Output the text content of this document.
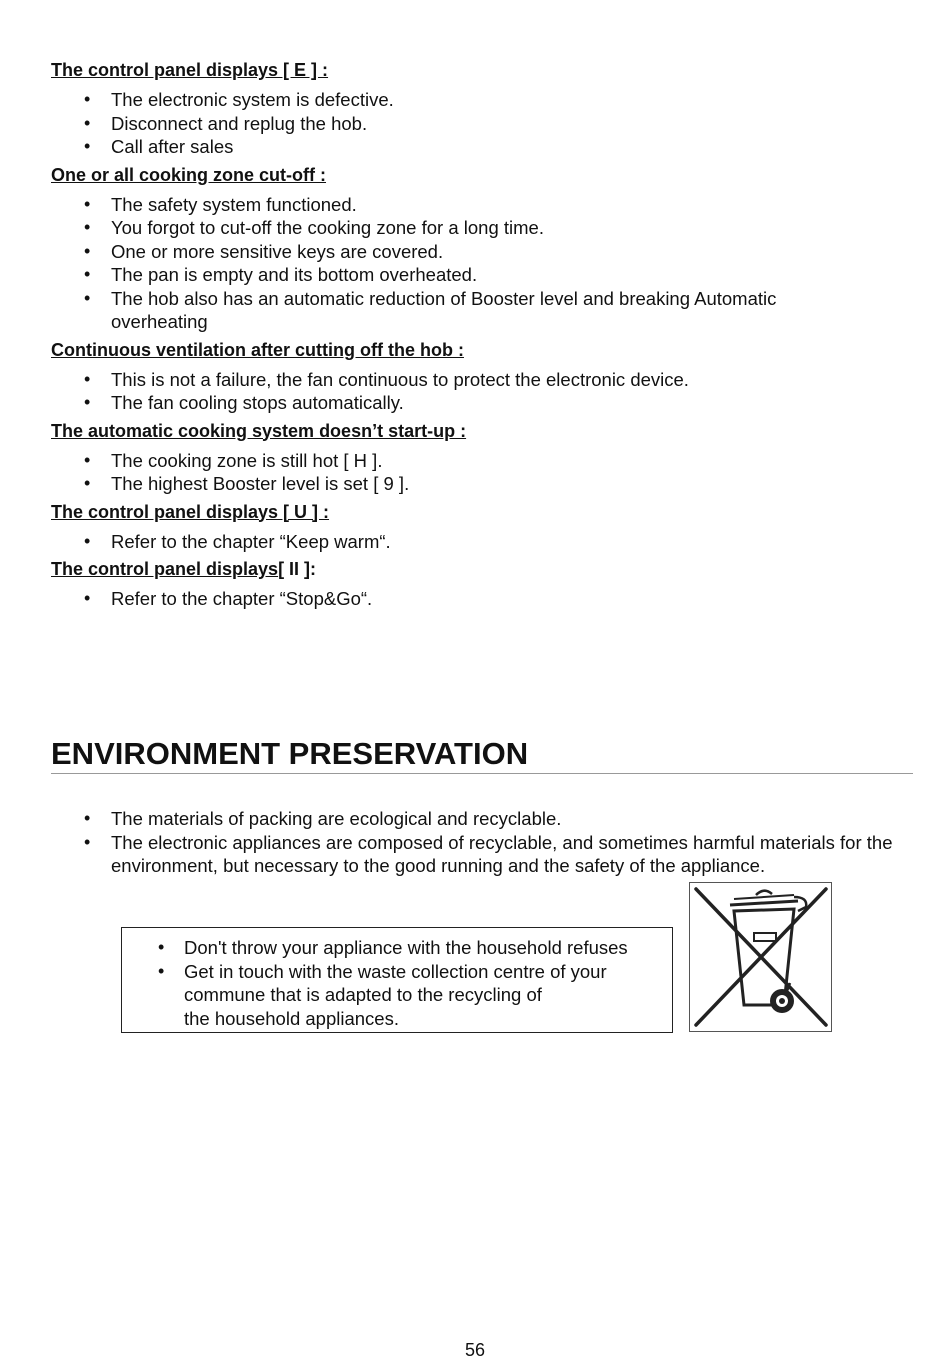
The control panel displays [ E ] :
• The electronic system is defective.
• Disconnect and replug the hob.
• Call after sales
One or all cooking zone cut-off :
• The safety system functioned.
• You forgot to cut-off the cooking zone for a long time.
• One or more sensitive keys are covered.
• The pan is empty and its bottom overheated.
• The hob also has an automatic reduction of Booster level and breaking Automatic overheating
Continuous ventilation after cutting off the hob :
• This is not a failure, the fan continuous to protect the electronic device.
• The fan cooling stops automatically.
The automatic cooking system doesn’t start-up :
• The cooking zone is still hot [ H ].
• The highest Booster level is set [ 9 ].
The control panel displays [ U ] :
• Refer to the chapter “Keep warm“.
The control panel displays[ II ]:
• Refer to the chapter “Stop&Go“.
ENVIRONMENT PRESERVATION
• The materials of packing are ecological and recyclable.
• The electronic appliances are composed of recyclable, and sometimes harmful materials for the environment, but necessary to the good running and the safety of the appliance.
• Don't throw your appliance with the household refuses
• Get in touch with the waste collection centre of your
commune that is adapted to the recycling of
the household appliances.
56
